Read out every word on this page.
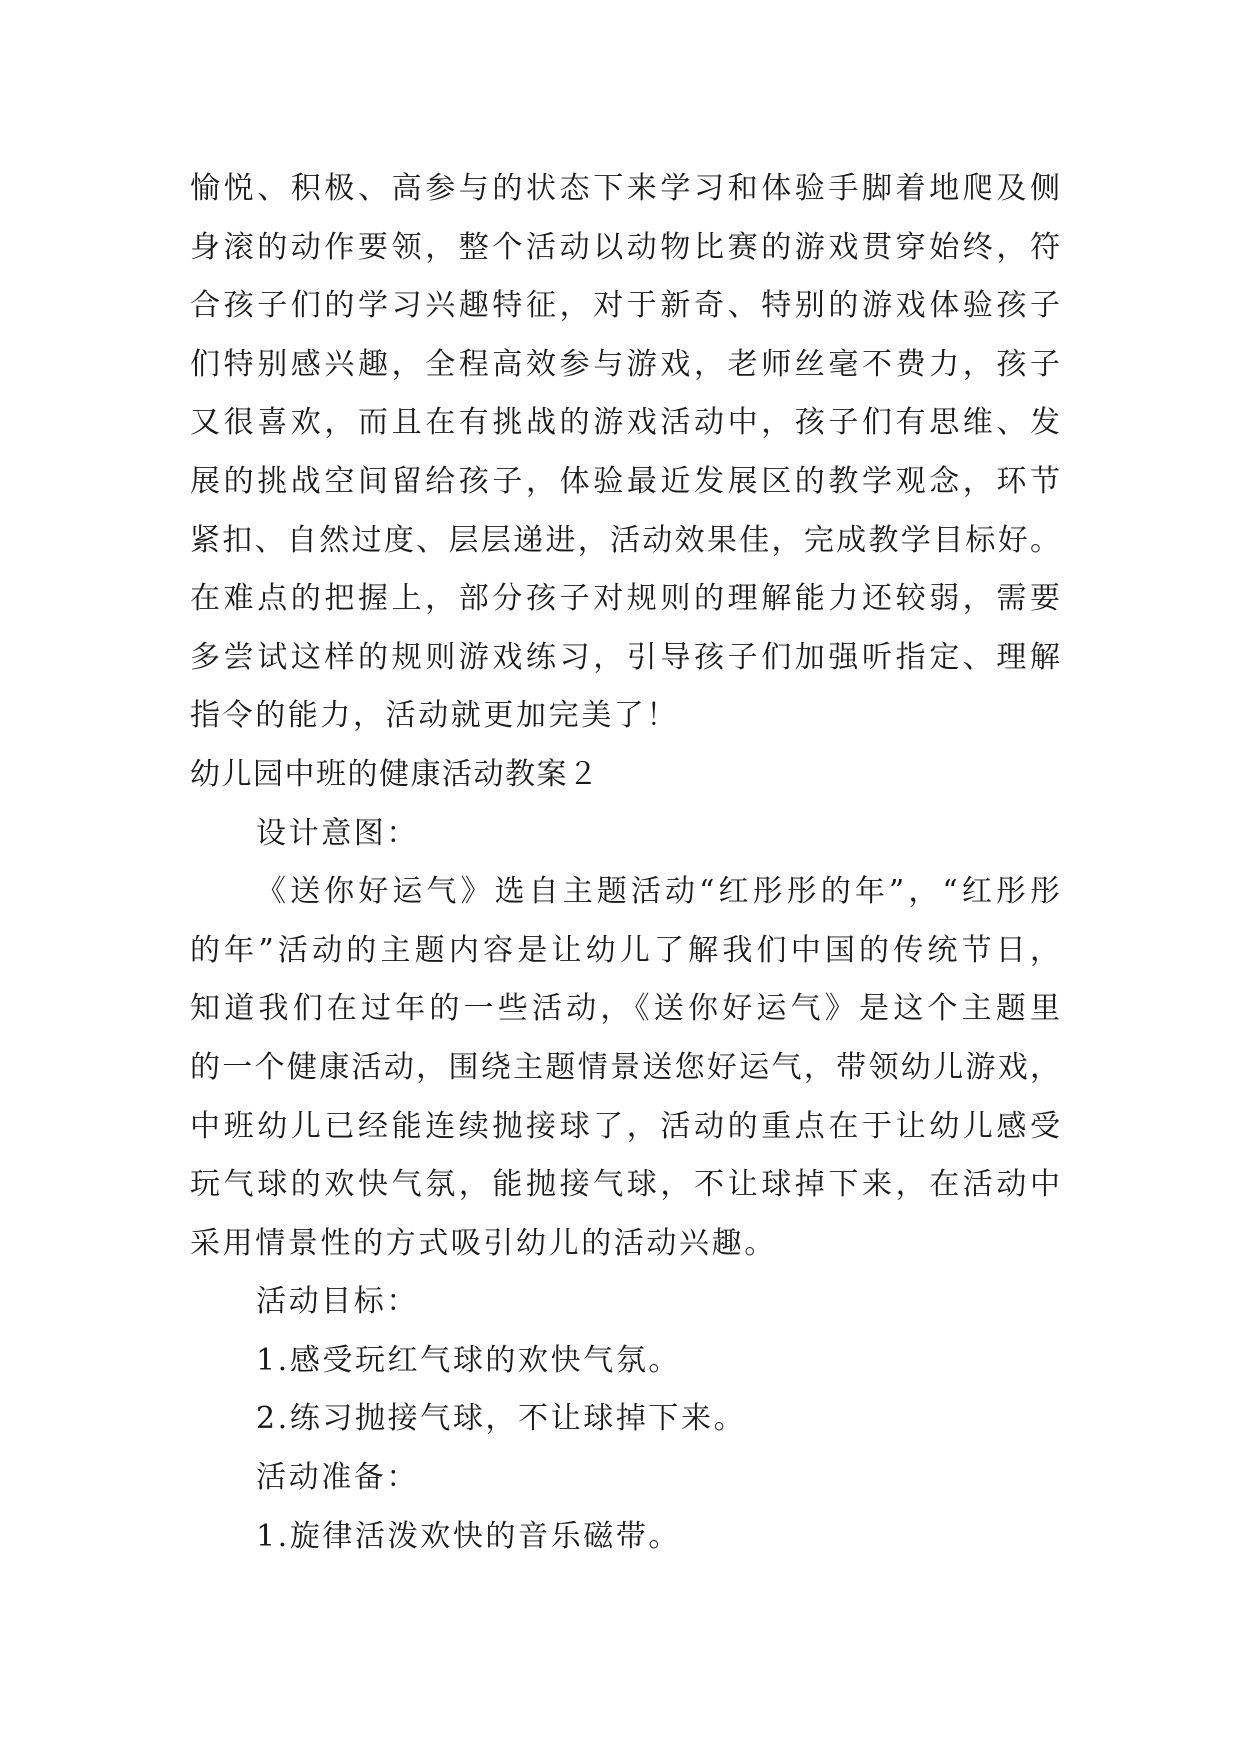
愉悦、积极、高参与的状态下来学习和体验手脚着地爬及侧
身滚的动作要领，整个活动以动物比赛的游戏贯穿始终，符
合孩子们的学习兴趣特征，对于新奇、特别的游戏体验孩子
们特别感兴趣，全程高效参与游戏，老师丝毫不费力，孩子
又很喜欢，而且在有挑战的游戏活动中，孩子们有思维、发
展的挑战空间留给孩子，体验最近发展区的教学观念，环节
紧扣、自然过度、层层递进，活动效果佳，完成教学目标好。
在难点的把握上，部分孩子对规则的理解能力还较弱，需要
多尝试这样的规则游戏练习，引导孩子们加强听指定、理解
指令的能力，活动就更加完美了！
幼儿园中班的健康活动教案２
设计意图：
《送你好运气》选自主题活动“红彤彤的年”，“红彤彤
的年”活动的主题内容是让幼儿了解我们中国的传统节日，
知道我们在过年的一些活动，《送你好运气》是这个主题里
的一个健康活动，围绕主题情景送您好运气，带领幼儿游戏，
中班幼儿已经能连续抛接球了，活动的重点在于让幼儿感受
玩气球的欢快气氛，能抛接气球，不让球掉下来，在活动中
采用情景性的方式吸引幼儿的活动兴趣。
活动目标：
1.感受玩红气球的欢快气氛。
2.练习抛接气球，不让球掉下来。
活动准备：
1.旋律活泼欢快的音乐磁带。
